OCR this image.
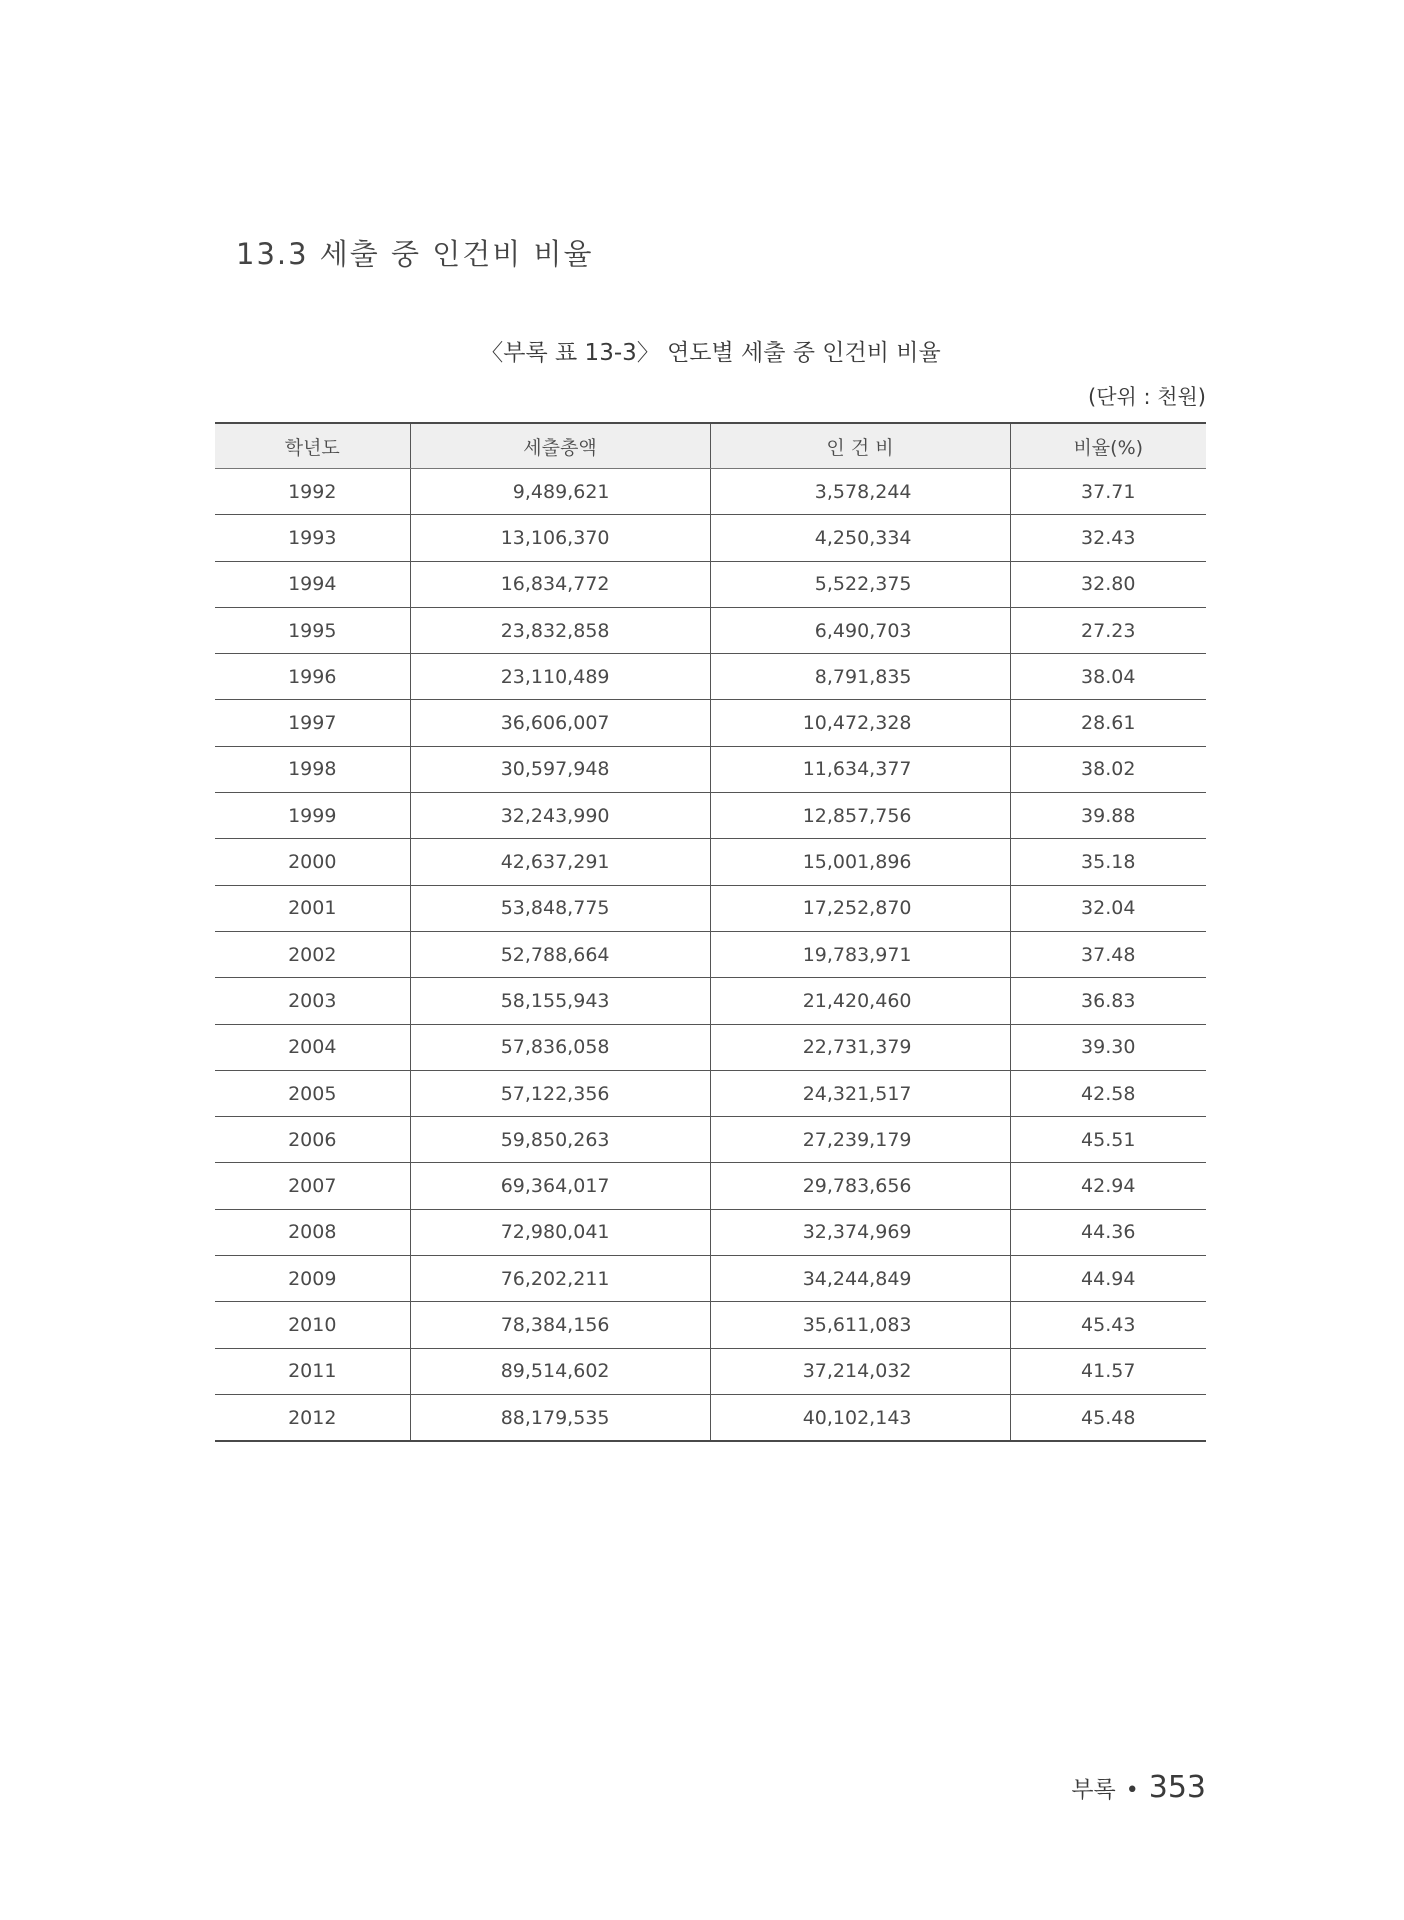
13.3 세출 중 인건비 비율
〈부록 표 13-3〉 연도별 세출 중 인건비 비율
(단위 : 천원)
학년도	세출총액	인 건 비	비율(%)
1992	9,489,621	3,578,244	37.71
1993	13,106,370	4,250,334	32.43
1994	16,834,772	5,522,375	32.80
1995	23,832,858	6,490,703	27.23
1996	23,110,489	8,791,835	38.04
1997	36,606,007	10,472,328	28.61
1998	30,597,948	11,634,377	38.02
1999	32,243,990	12,857,756	39.88
2000	42,637,291	15,001,896	35.18
2001	53,848,775	17,252,870	32.04
2002	52,788,664	19,783,971	37.48
2003	58,155,943	21,420,460	36.83
2004	57,836,058	22,731,379	39.30
2005	57,122,356	24,321,517	42.58
2006	59,850,263	27,239,179	45.51
2007	69,364,017	29,783,656	42.94
2008	72,980,041	32,374,969	44.36
2009	76,202,211	34,244,849	44.94
2010	78,384,156	35,611,083	45.43
2011	89,514,602	37,214,032	41.57
2012	88,179,535	40,102,143	45.48
부록 • 353
